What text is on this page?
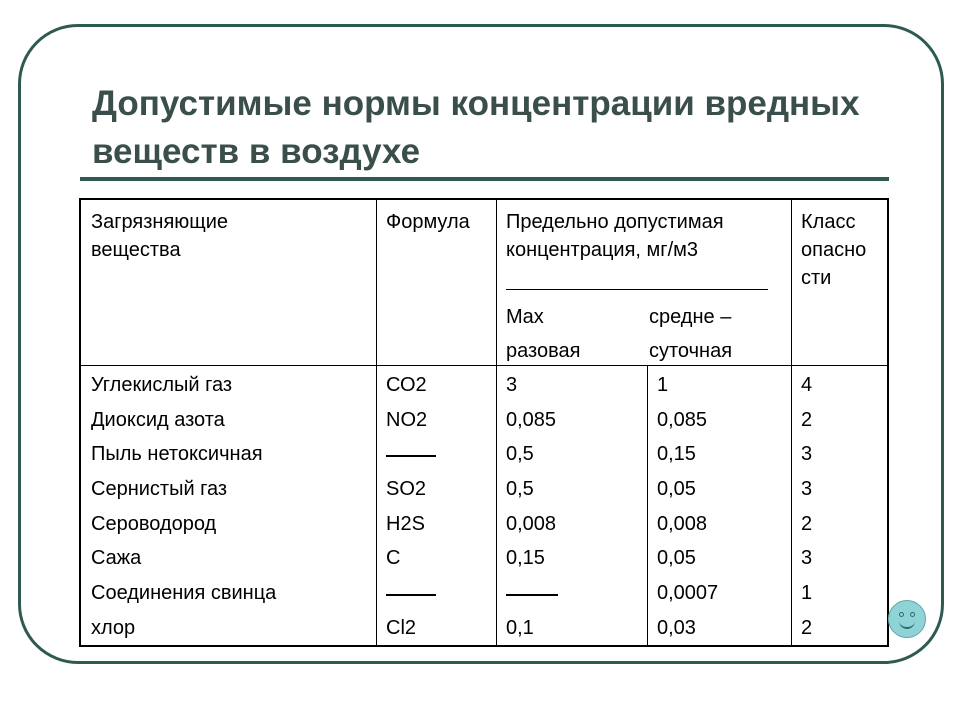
Допустимые нормы концентрации вредных веществ в воздухе
Загрязняющие
вещества
Формула Предельно допустимая
концентрация, мг/м3
Max
разовая
средне –
суточная
Класс
опасно
сти
Углекислый газ
Диоксид азота
Пыль нетоксичная
Сернистый газ
Сероводород
Сажа
Соединения свинца
хлор
СО2
NO2
SO2
H2S
C
Cl2
3
0,085
0,5
0,5
0,008
0,15
0,1
1
0,085
0,15
0,05
0,008
0,05
0,0007
0,03
4
2
3
3
2
3
1
2
